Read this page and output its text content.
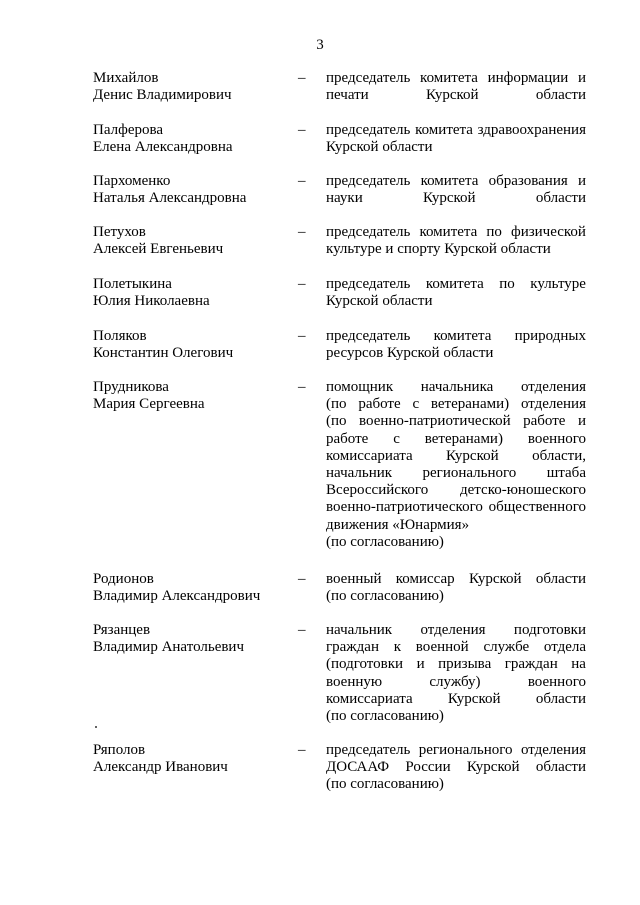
3
Михайлов
Денис Владимирович
– председатель комитета информации и
печати	Курской	области
Палферова
Елена Александровна
– председатель комитета здравоохранения
Курской области
Пархоменко
Наталья Александровна
– председатель комитета образования и
науки	Курской	области
Петухов
Алексей Евгеньевич
– председатель комитета по физической
культуре и спорту Курской области
Полетыкина
Юлия Николаевна
– председатель комитета по культуре
Курской области
Поляков
Константин Олегович
– председатель комитета природных
ресурсов Курской области
Прудникова
Мария Сергеевна
– помощник начальника отделения
(по работе с ветеранами) отделения
(по военно-патриотической работе и
работе с ветеранами) военного
комиссариата Курской области,
начальник регионального штаба
Всероссийского детско-юношеского
военно-патриотического общественного
движения «Юнармия»
(по согласованию)
Родионов
Владимир Александрович
– военный комиссар Курской области
(по согласованию)
Рязанцев
Владимир Анатольевич
– начальник отделения подготовки
граждан к военной службе отдела
(подготовки и призыва граждан на
военную	службу)	военного
комиссариата Курской области
(по согласованию)
Ряполов
Александр Иванович
– председатель регионального отделения
ДОСААФ России Курской области
(по согласованию)
